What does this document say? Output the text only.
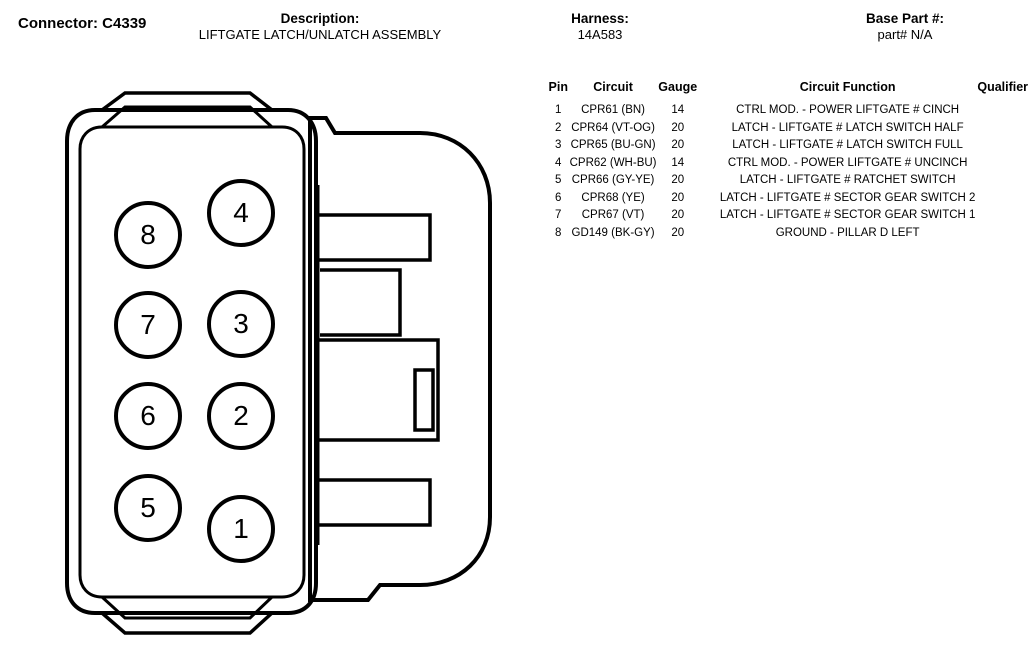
Connector: C4339	Description:
LIFTGATE LATCH/UNLATCH ASSEMBLY
Harness:
14A583
Base Part #:
part# N/A
Pin	Circuit	Gauge	Circuit Function	Qualifier
1	CPR61 (BN)	14	CTRL MOD. - POWER LIFTGATE # CINCH	
2	CPR64 (VT-OG)	20	LATCH - LIFTGATE # LATCH SWITCH HALF	
3	CPR65 (BU-GN)	20	LATCH - LIFTGATE # LATCH SWITCH FULL	
4	CPR62 (WH-BU)	14	CTRL MOD. - POWER LIFTGATE # UNCINCH	
5	CPR66 (GY-YE)	20	LATCH - LIFTGATE # RATCHET SWITCH	
6	CPR68 (YE)	20	LATCH - LIFTGATE # SECTOR GEAR SWITCH 2	
7	CPR67 (VT)	20	LATCH - LIFTGATE # SECTOR GEAR SWITCH 1	
8	GD149 (BK-GY)	20	GROUND - PILLAR D LEFT	
8
7
6
5
4
3
2
1
